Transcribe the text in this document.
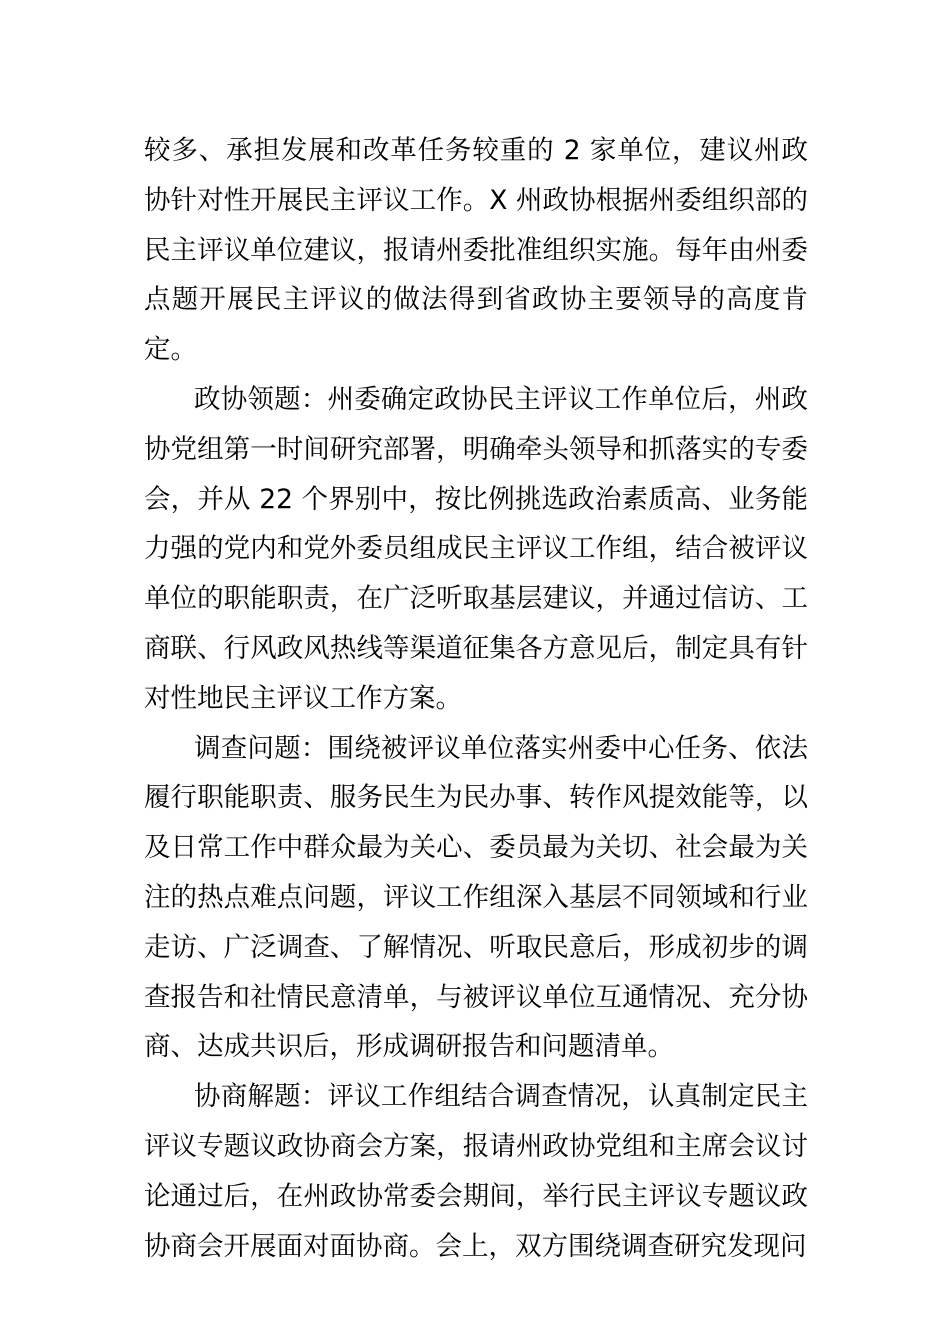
较多、承担发展和改革任务较重的 2 家单位，建议州政协针对性开展民主评议工作。X 州政协根据州委组织部的民主评议单位建议，报请州委批准组织实施。每年由州委点题开展民主评议的做法得到省政协主要领导的高度肯定。

政协领题：州委确定政协民主评议工作单位后，州政协党组第一时间研究部署，明确牵头领导和抓落实的专委会，并从 22 个界别中，按比例挑选政治素质高、业务能力强的党内和党外委员组成民主评议工作组，结合被评议单位的职能职责，在广泛听取基层建议，并通过信访、工商联、行风政风热线等渠道征集各方意见后，制定具有针对性地民主评议工作方案。

调查问题：围绕被评议单位落实州委中心任务、依法履行职能职责、服务民生为民办事、转作风提效能等，以及日常工作中群众最为关心、委员最为关切、社会最为关注的热点难点问题，评议工作组深入基层不同领域和行业走访、广泛调查、了解情况、听取民意后，形成初步的调查报告和社情民意清单，与被评议单位互通情况、充分协商、达成共识后，形成调研报告和问题清单。

协商解题：评议工作组结合调查情况，认真制定民主评议专题议政协商会方案，报请州政协党组和主席会议讨论通过后，在州政协常委会期间，举行民主评议专题议政协商会开展面对面协商。会上，双方围绕调查研究发现问
